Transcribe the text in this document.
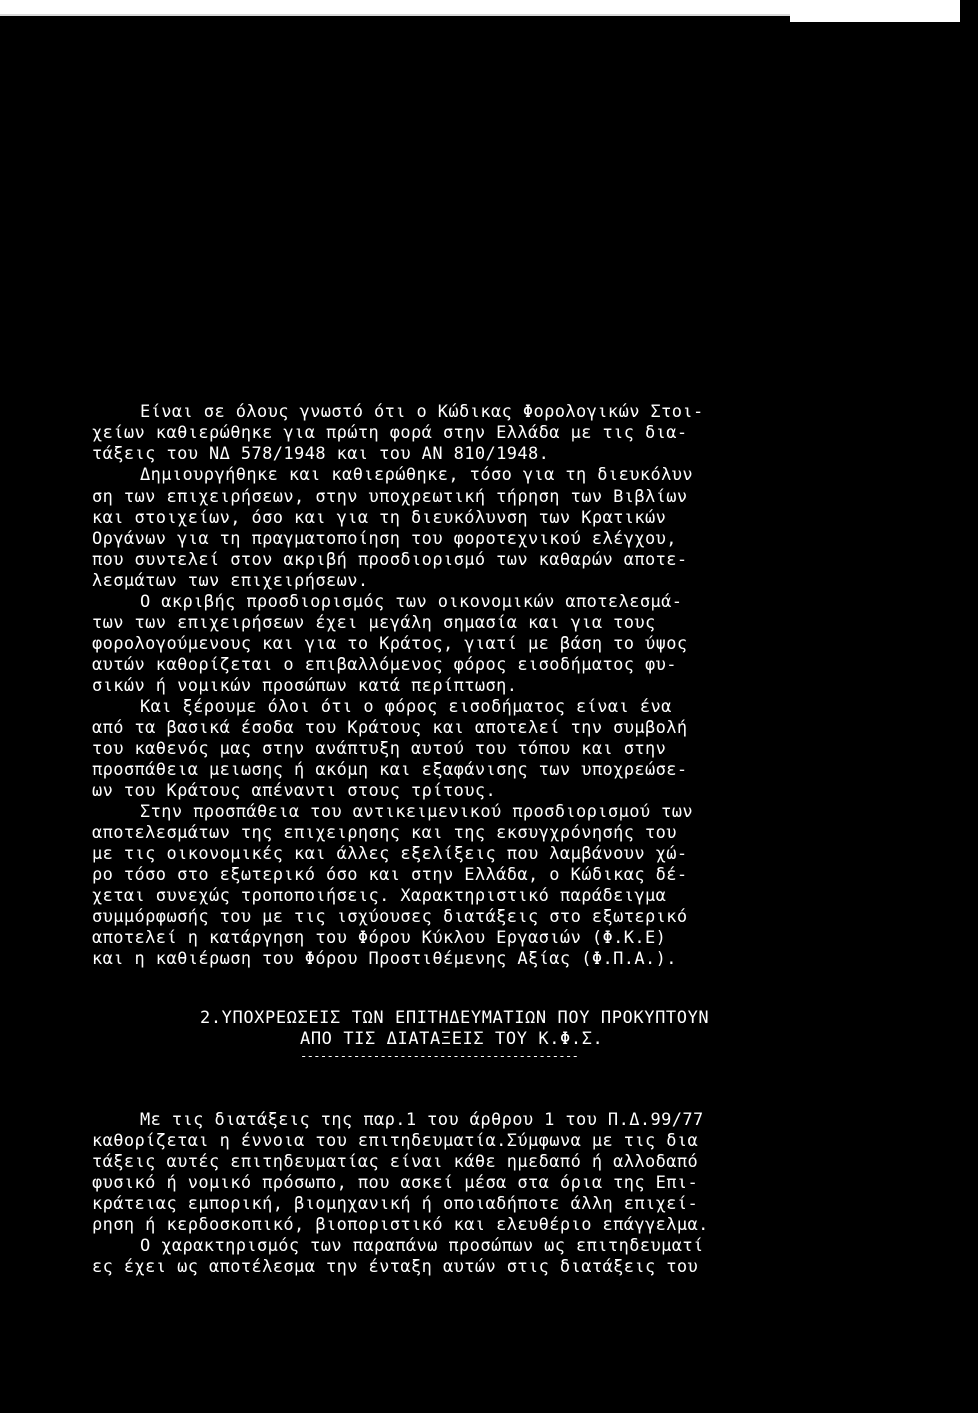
Είναι σε όλους γνωστό ότι ο Κώδικας Φορολογικών Στοι-
χείων καθιερώθηκε για πρώτη φορά στην Ελλάδα με τις δια-
τάξεις του ΝΔ 578/1948 και του ΑΝ 810/1948.
Δημιουργήθηκε και καθιερώθηκε, τόσο για τη διευκόλυν
ση των επιχειρήσεων, στην υποχρεωτική τήρηση των Βιβλίων
και στοιχείων, όσο και για τη διευκόλυνση των Κρατικών
Οργάνων για τη πραγματοποίηση του φοροτεχνικού ελέγχου,
που συντελεί στον ακριβή προσδιορισμό των καθαρών αποτε-
λεσμάτων των επιχειρήσεων.
Ο ακριβής προσδιορισμός των οικονομικών αποτελεσμά-
των των επιχειρήσεων έχει μεγάλη σημασία και για τους
φορολογούμενους και για το Κράτος, γιατί με βάση το ύψος
αυτών καθορίζεται ο επιβαλλόμενος φόρος εισοδήματος φυ-
σικών ή νομικών προσώπων κατά περίπτωση.
Και ξέρουμε όλοι ότι ο φόρος εισοδήματος είναι ένα
από τα βασικά έσοδα του Κράτους και αποτελεί την συμβολή
του καθενός μας στην ανάπτυξη αυτού του τόπου και στην
προσπάθεια μειωσης ή ακόμη και εξαφάνισης των υποχρεώσε-
ων του Κράτους απέναντι στους τρίτους.
Στην προσπάθεια του αντικειμενικού προσδιορισμού των
αποτελεσμάτων της επιχειρησης και της εκσυγχρόνησής του
με τις οικονομικές και άλλες εξελίξεις που λαμβάνουν χώ-
ρο τόσο στο εξωτερικό όσο και στην Ελλάδα, ο Κώδικας δέ-
χεται συνεχώς τροποποιήσεις. Χαρακτηριστικό παράδειγμα
συμμόρφωσής του με τις ισχύουσες διατάξεις στο εξωτερικό
αποτελεί η κατάργηση του Φόρου Κύκλου Εργασιών (Φ.Κ.Ε)
και η καθιέρωση του Φόρου Προστιθέμενης Αξίας (Φ.Π.Α.).
2.ΥΠΟΧΡΕΩΣΕΙΣ ΤΩΝ ΕΠΙΤΗΔΕΥΜΑΤΙΩΝ ΠΟΥ ΠΡΟΚΥΠΤΟΥΝ
ΑΠΟ ΤΙΣ ΔΙΑΤΑΞΕΙΣ ΤΟΥ Κ.Φ.Σ.
------------------------------------------
Με τις διατάξεις της παρ.1 του άρθρου 1 του Π.Δ.99/77
καθορίζεται η έννοια του επιτηδευματία.Σύμφωνα με τις δια
τάξεις αυτές επιτηδευματίας είναι κάθε ημεδαπό ή αλλοδαπό
φυσικό ή νομικό πρόσωπο, που ασκεί μέσα στα όρια της Επι-
κράτειας εμπορική, βιομηχανική ή οποιαδήποτε άλλη επιχεί-
ρηση ή κερδοσκοπικό, βιοποριστικό και ελευθέριο επάγγελμα.
Ο χαρακτηρισμός των παραπάνω προσώπων ως επιτηδευματί
ες έχει ως αποτέλεσμα την ένταξη αυτών στις διατάξεις του
